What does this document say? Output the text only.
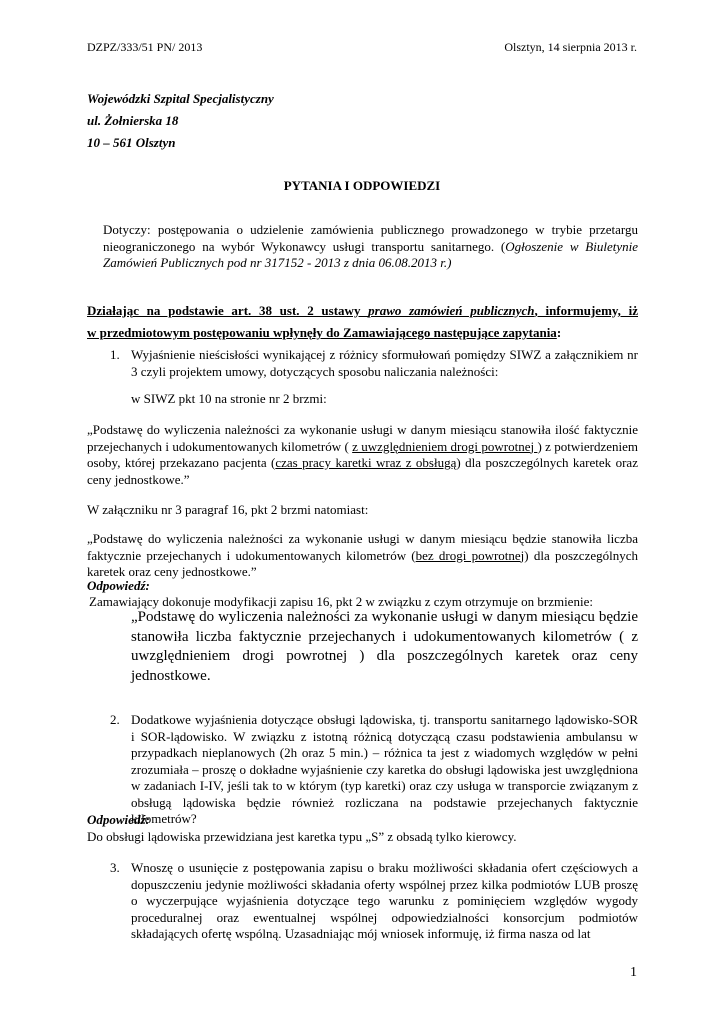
DZPZ/333/51 PN/ 2013	Olsztyn, 14 sierpnia 2013 r.
Wojewódzki Szpital Specjalistyczny
ul. Żołnierska 18
10 – 561 Olsztyn
PYTANIA I ODPOWIEDZI
Dotyczy: postępowania o udzielenie zamówienia publicznego prowadzonego w trybie przetargu nieograniczonego na wybór Wykonawcy usługi transportu sanitarnego. (Ogłoszenie w Biuletynie Zamówień Publicznych pod nr 317152 - 2013 z dnia 06.08.2013 r.)
Działając na podstawie art. 38 ust. 2 ustawy prawo zamówień publicznych, informujemy, iż
w przedmiotowym postępowaniu wpłynęły do Zamawiającego następujące zapytania:
1. Wyjaśnienie nieścisłości wynikającej z różnicy sformułowań pomiędzy SIWZ a załącznikiem nr 3 czyli projektem umowy, dotyczących sposobu naliczania należności:
w SIWZ pkt 10 na stronie nr 2 brzmi:
„Podstawę do wyliczenia należności za wykonanie usługi w danym miesiącu stanowiła ilość faktycznie przejechanych i udokumentowanych kilometrów ( z uwzględnieniem drogi powrotnej ) z potwierdzeniem osoby, której przekazano pacjenta (czas pracy karetki wraz z obsługą) dla poszczególnych karetek oraz ceny jednostkowe.”
W załączniku nr 3 paragraf 16, pkt 2 brzmi natomiast:
„Podstawę do wyliczenia należności za wykonanie usługi w danym miesiącu będzie stanowiła liczba faktycznie przejechanych i udokumentowanych kilometrów (bez drogi powrotnej) dla poszczególnych karetek oraz ceny jednostkowe.”
Odpowiedź:
Zamawiający dokonuje modyfikacji zapisu 16, pkt 2 w związku z czym otrzymuje on brzmienie:
„Podstawę do wyliczenia należności za wykonanie usługi w danym miesiącu będzie stanowiła liczba faktycznie przejechanych i udokumentowanych kilometrów ( z uwzględnieniem drogi powrotnej ) dla poszczególnych karetek oraz ceny jednostkowe.
2. Dodatkowe wyjaśnienia dotyczące obsługi lądowiska, tj. transportu sanitarnego lądowisko-SOR i SOR-lądowisko. W związku z istotną różnicą dotyczącą czasu podstawienia ambulansu w przypadkach nieplanowych (2h oraz 5 min.) – różnica ta jest z wiadomych względów w pełni zrozumiała – proszę o dokładne wyjaśnienie czy karetka do obsługi lądowiska jest uwzględniona w zadaniach I-IV, jeśli tak to w którym (typ karetki) oraz czy usługa w transporcie związanym z obsługą lądowiska będzie również rozliczana na podstawie przejechanych faktycznie kilometrów?
Odpowiedź:
Do obsługi lądowiska przewidziana jest karetka typu „S” z obsadą tylko kierowcy.
3. Wnoszę o usunięcie z postępowania zapisu o braku możliwości składania ofert częściowych a dopuszczeniu jedynie możliwości składania oferty wspólnej przez kilka podmiotów LUB proszę o wyczerpujące wyjaśnienia dotyczące tego warunku z pominięciem względów wygody proceduralnej oraz ewentualnej wspólnej odpowiedzialności konsorcjum podmiotów składających ofertę wspólną. Uzasadniając mój wniosek informuję, iż firma nasza od lat
1
